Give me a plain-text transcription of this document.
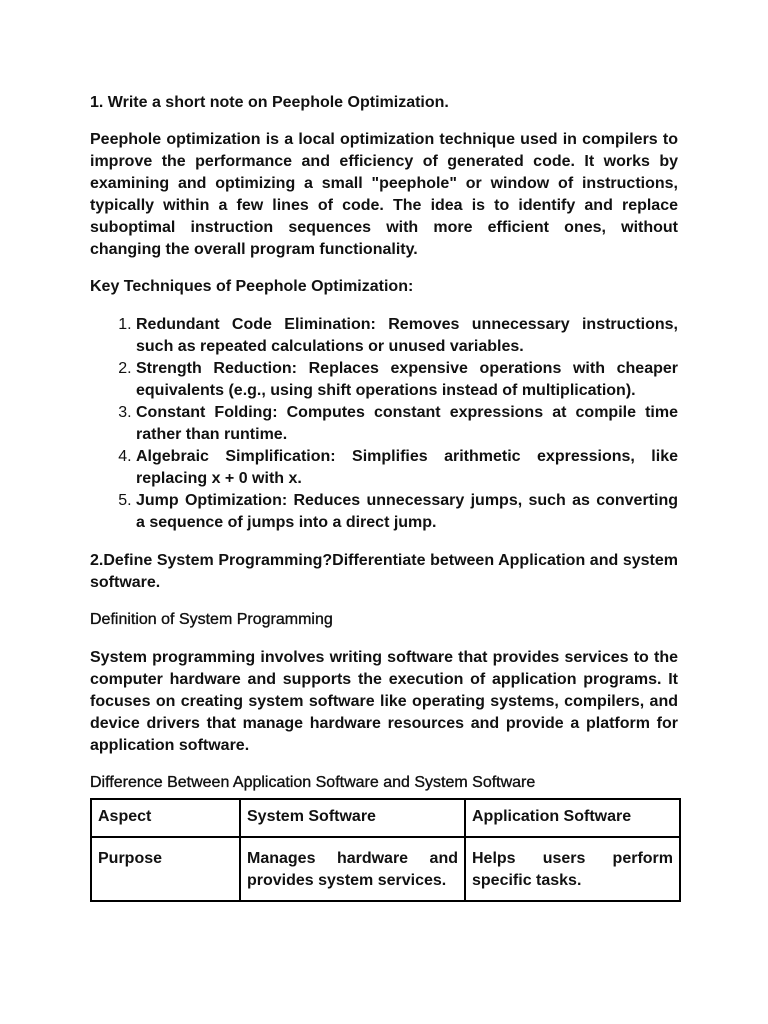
1. Write a short note on Peephole Optimization.
Peephole optimization is a local optimization technique used in compilers to improve the performance and efficiency of generated code. It works by examining and optimizing a small "peephole" or window of instructions, typically within a few lines of code. The idea is to identify and replace suboptimal instruction sequences with more efficient ones, without changing the overall program functionality.
Key Techniques of Peephole Optimization:
1. Redundant Code Elimination: Removes unnecessary instructions, such as repeated calculations or unused variables.
2. Strength Reduction: Replaces expensive operations with cheaper equivalents (e.g., using shift operations instead of multiplication).
3. Constant Folding: Computes constant expressions at compile time rather than runtime.
4. Algebraic Simplification: Simplifies arithmetic expressions, like replacing x + 0 with x.
5. Jump Optimization: Reduces unnecessary jumps, such as converting a sequence of jumps into a direct jump.
2.Define System Programming?Differentiate between Application and system software.
Definition of System Programming
System programming involves writing software that provides services to the computer hardware and supports the execution of application programs. It focuses on creating system software like operating systems, compilers, and device drivers that manage hardware resources and provide a platform for application software.
Difference Between Application Software and System Software
Aspect	System Software	Application Software
Purpose	Manages hardware and provides system services.	Helps users perform specific tasks.
